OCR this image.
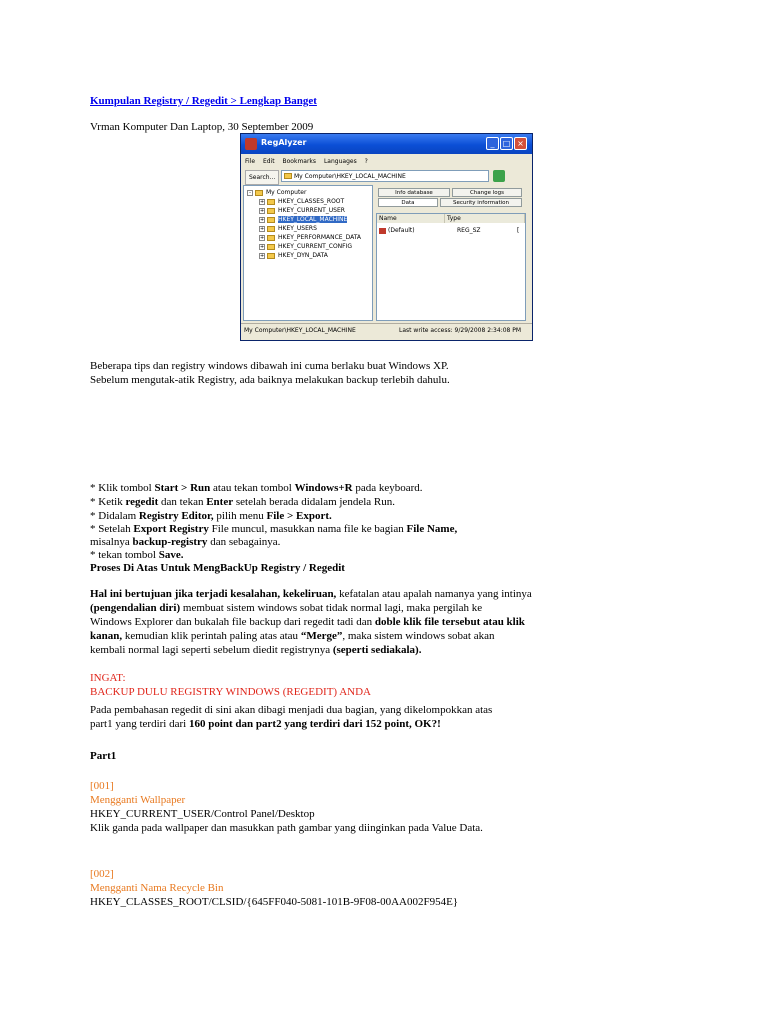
Kumpulan Registry / Regedit > Lengkap Banget
Vrman Komputer Dan Laptop, 30 September 2009
RegAlyzer	_	□ ×
File Edit Bookmarks Languages ?
Search...	My Computer\HKEY_LOCAL_MACHINE
-	My Computer
+ HKEY_CLASSES_ROOT
+ HKEY_CURRENT_USER
+ HKEY_LOCAL_MACHINE
+ HKEY_USERS
+ HKEY_PERFORMANCE_DATA
+ HKEY_CURRENT_CONFIG
+ HKEY_DYN_DATA
Info database	Change logs
Data	Security information
Name	Type
(Default)	REG_SZ	[
My Computer\HKEY_LOCAL_MACHINE	Last write access: 9/29/2008 2:34:08 PM
Beberapa tips dan registry windows dibawah ini cuma berlaku buat Windows XP.
Sebelum mengutak-atik Registry, ada baiknya melakukan backup terlebih dahulu.
* Klik tombol Start > Run atau tekan tombol Windows+R pada keyboard.
* Ketik regedit dan tekan Enter setelah berada didalam jendela Run.
* Didalam Registry Editor, pilih menu File > Export.
* Setelah Export Registry File muncul, masukkan nama file ke bagian File Name,
misalnya backup-registry dan sebagainya.
* tekan tombol Save.
Proses Di Atas Untuk MengBackUp Registry / Regedit
Hal ini bertujuan jika terjadi kesalahan, kekeliruan, kefatalan atau apalah namanya yang intinya
(pengendalian diri) membuat sistem windows sobat tidak normal lagi, maka pergilah ke
Windows Explorer dan bukalah file backup dari regedit tadi dan doble klik file tersebut atau klik
kanan, kemudian klik perintah paling atas atau “Merge”, maka sistem windows sobat akan
kembali normal lagi seperti sebelum diedit registrynya (seperti sediakala).
INGAT:
BACKUP DULU REGISTRY WINDOWS (REGEDIT) ANDA
Pada pembahasan regedit di sini akan dibagi menjadi dua bagian, yang dikelompokkan atas
part1 yang terdiri dari 160 point dan part2 yang terdiri dari 152 point, OK?!
Part1
[001]
Mengganti Wallpaper
HKEY_CURRENT_USER/Control Panel/Desktop
Klik ganda pada wallpaper dan masukkan path gambar yang diinginkan pada Value Data.
[002]
Mengganti Nama Recycle Bin
HKEY_CLASSES_ROOT/CLSID/{645FF040-5081-101B-9F08-00AA002F954E}
